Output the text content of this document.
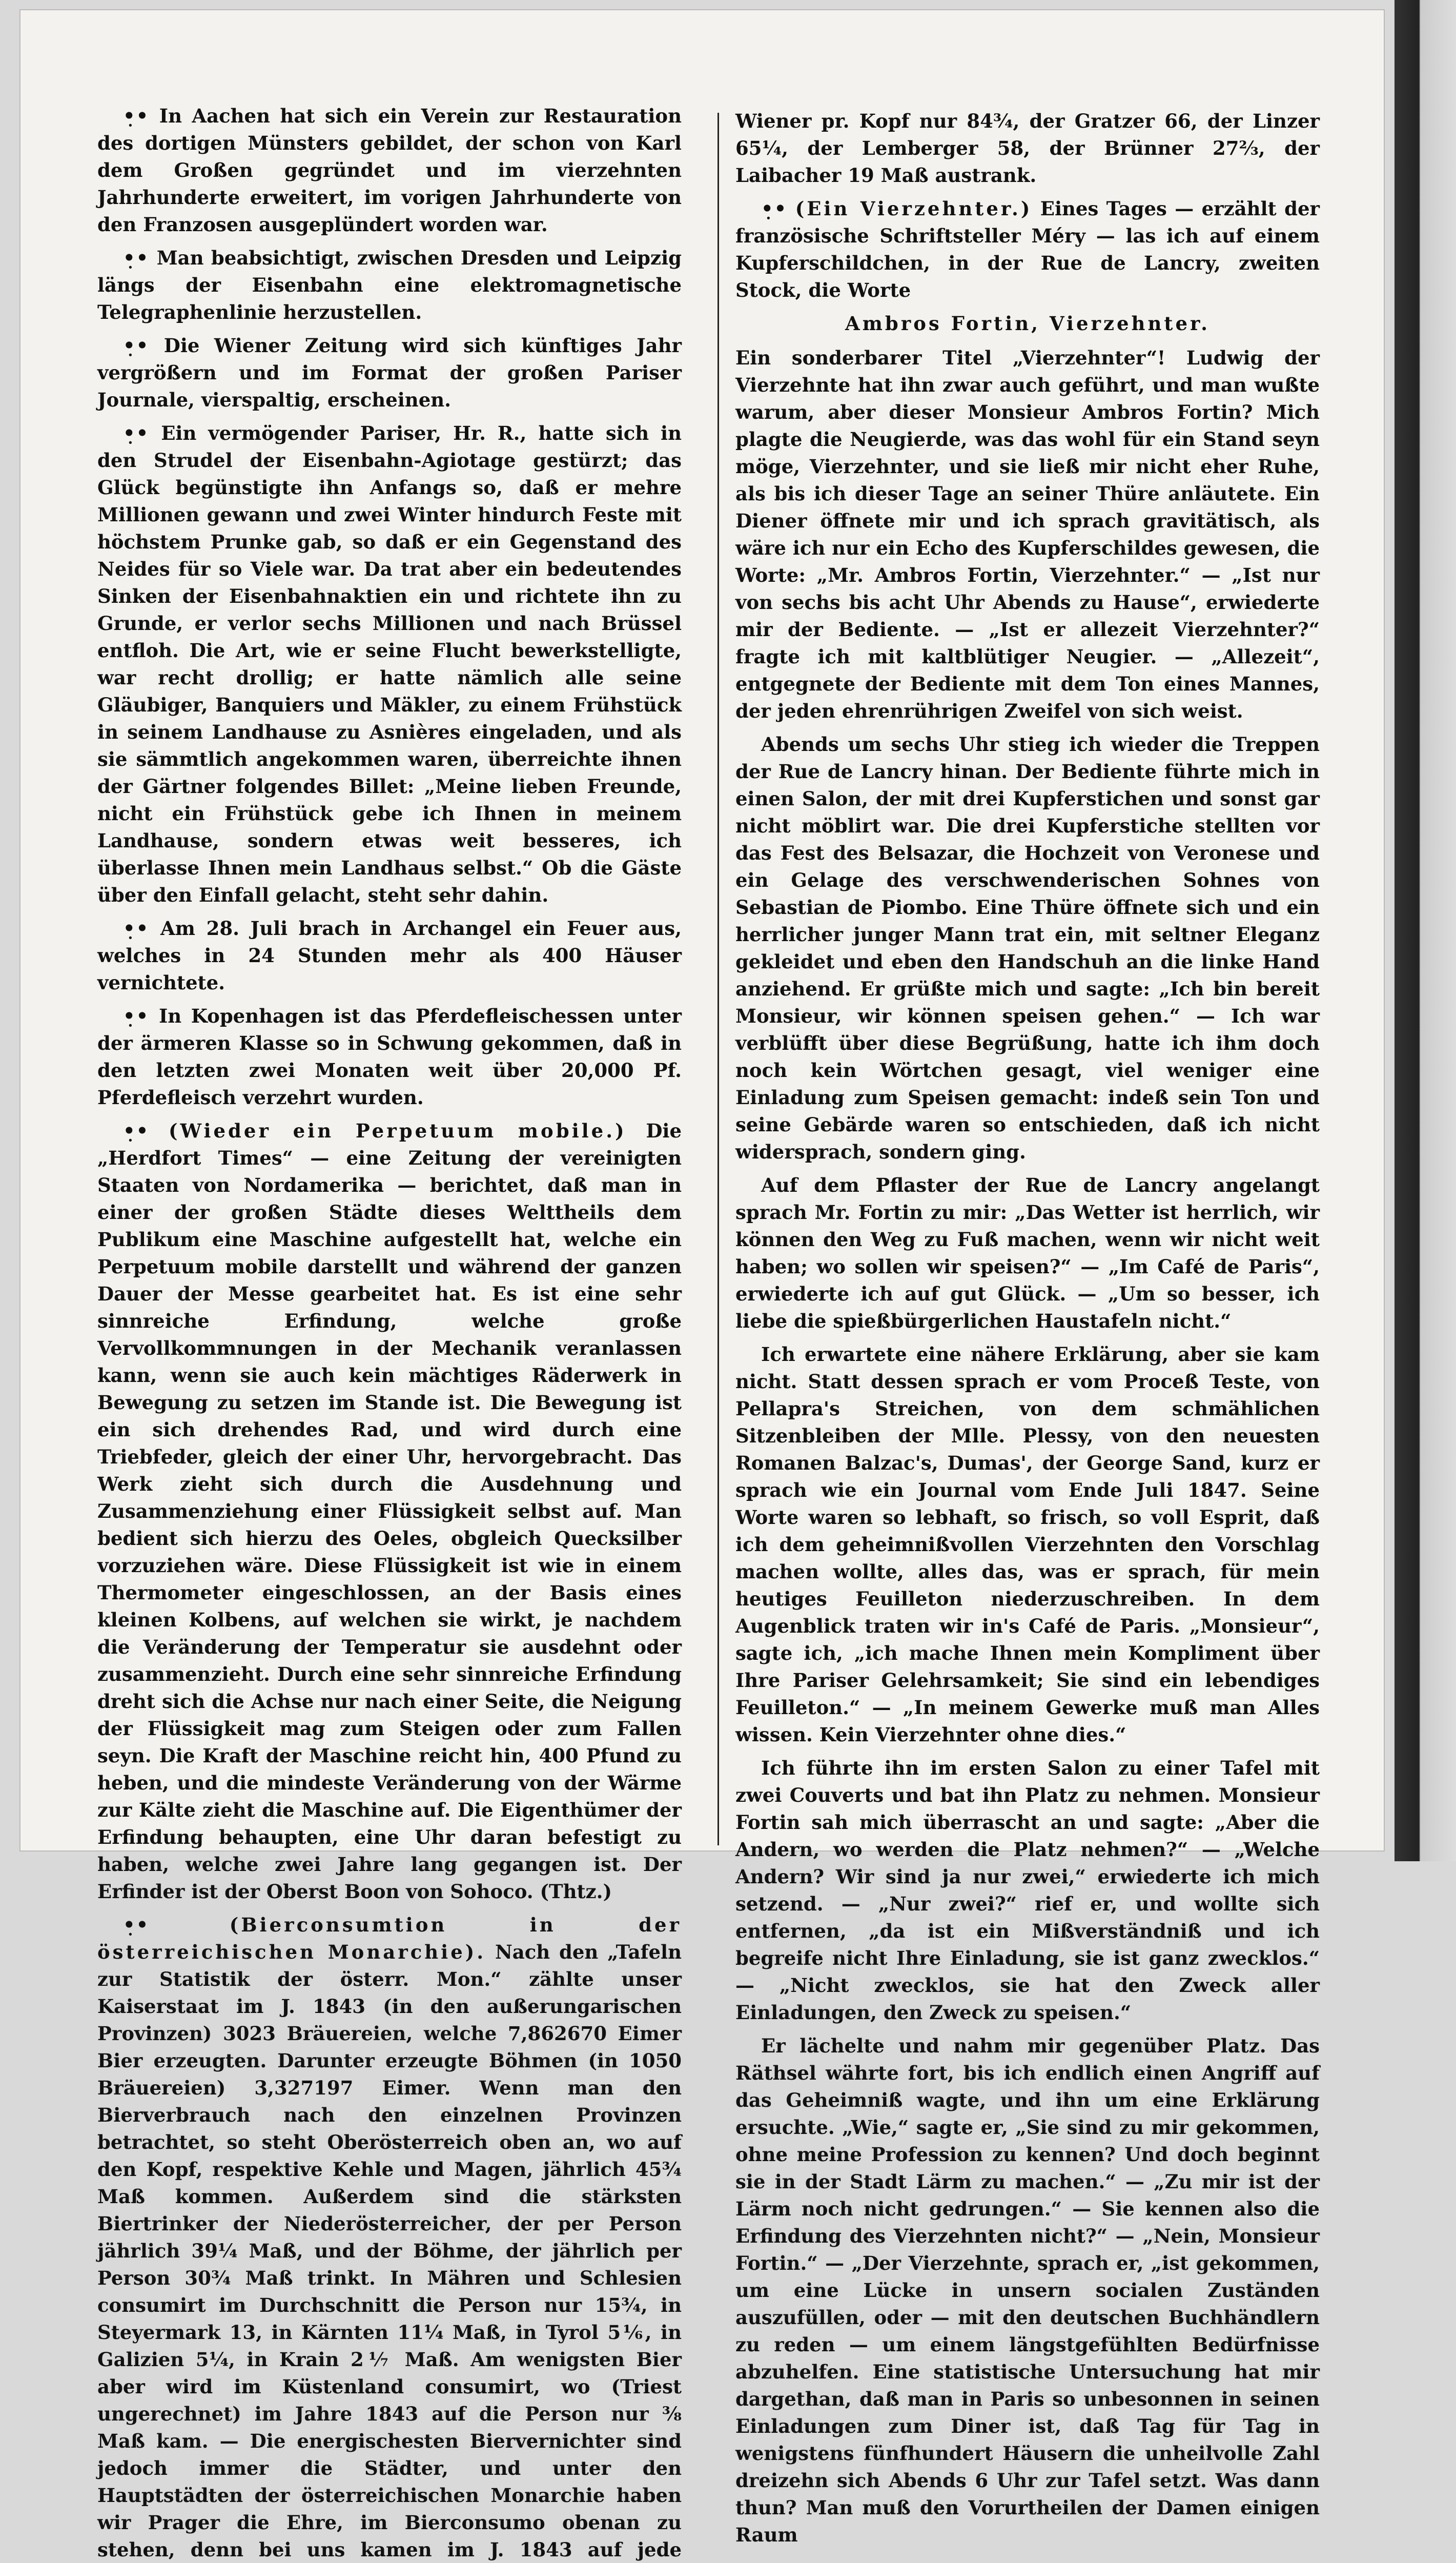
•̣• In Aachen hat sich ein Verein zur Restauration des dortigen Münsters gebildet, der schon von Karl dem Großen gegründet und im vierzehnten Jahrhunderte erweitert, im vorigen Jahrhunderte von den Franzosen ausgeplündert worden war.

•̣• Man beabsichtigt, zwischen Dresden und Leipzig längs der Eisenbahn eine elektromagnetische Telegraphenlinie herzustellen.

•̣• Die Wiener Zeitung wird sich künftiges Jahr vergrößern und im Format der großen Pariser Journale, vierspaltig, erscheinen.

•̣• Ein vermögender Pariser, Hr. R., hatte sich in den Strudel der Eisenbahn-Agiotage gestürzt; das Glück begünstigte ihn Anfangs so, daß er mehre Millionen gewann und zwei Winter hindurch Feste mit höchstem Prunke gab, so daß er ein Gegenstand des Neides für so Viele war. Da trat aber ein bedeutendes Sinken der Eisenbahnaktien ein und richtete ihn zu Grunde, er verlor sechs Millionen und nach Brüssel entfloh. Die Art, wie er seine Flucht bewerkstelligte, war recht drollig; er hatte nämlich alle seine Gläubiger, Banquiers und Mäkler, zu einem Frühstück in seinem Landhause zu Asnières eingeladen, und als sie sämmtlich angekommen waren, überreichte ihnen der Gärtner folgendes Billet: „Meine lieben Freunde, nicht ein Frühstück gebe ich Ihnen in meinem Landhause, sondern etwas weit besseres, ich überlasse Ihnen mein Landhaus selbst.“ Ob die Gäste über den Einfall gelacht, steht sehr dahin.

•̣• Am 28. Juli brach in Archangel ein Feuer aus, welches in 24 Stunden mehr als 400 Häuser vernichtete.

•̣• In Kopenhagen ist das Pferdefleischessen unter der ärmeren Klasse so in Schwung gekommen, daß in den letzten zwei Monaten weit über 20,000 Pf. Pferdefleisch verzehrt wurden.

•̣• (Wieder ein Perpetuum mobile.) Die „Herdfort Times“ — eine Zeitung der vereinigten Staaten von Nordamerika — berichtet, daß man in einer der großen Städte dieses Welttheils dem Publikum eine Maschine aufgestellt hat, welche ein Perpetuum mobile darstellt und während der ganzen Dauer der Messe gearbeitet hat. Es ist eine sehr sinnreiche Erfindung, welche große Vervollkommnungen in der Mechanik veranlassen kann, wenn sie auch kein mächtiges Räderwerk in Bewegung zu setzen im Stande ist. Die Bewegung ist ein sich drehendes Rad, und wird durch eine Triebfeder, gleich der einer Uhr, hervorgebracht. Das Werk zieht sich durch die Ausdehnung und Zusammenziehung einer Flüssigkeit selbst auf. Man bedient sich hierzu des Oeles, obgleich Quecksilber vorzuziehen wäre. Diese Flüssigkeit ist wie in einem Thermometer eingeschlossen, an der Basis eines kleinen Kolbens, auf welchen sie wirkt, je nachdem die Veränderung der Temperatur sie ausdehnt oder zusammenzieht. Durch eine sehr sinnreiche Erfindung dreht sich die Achse nur nach einer Seite, die Neigung der Flüssigkeit mag zum Steigen oder zum Fallen seyn. Die Kraft der Maschine reicht hin, 400 Pfund zu heben, und die mindeste Veränderung von der Wärme zur Kälte zieht die Maschine auf. Die Eigenthümer der Erfindung behaupten, eine Uhr daran befestigt zu haben, welche zwei Jahre lang gegangen ist. Der Erfinder ist der Oberst Boon von Sohoco. (Thtz.)

•̣•	(Bierconsumtion in der österreichischen Monarchie). Nach den „Tafeln zur Statistik der österr. Mon.“ zählte unser Kaiserstaat im J. 1843 (in den außerungarischen Provinzen) 3023 Bräuereien, welche 7,862670 Eimer Bier erzeugten. Darunter erzeugte Böhmen (in 1050 Bräuereien) 3,327197 Eimer. Wenn man den Bierverbrauch nach den einzelnen Provinzen betrachtet, so steht Oberösterreich oben an, wo auf den Kopf, respektive Kehle und Magen, jährlich 45¾ Maß kommen. Außerdem sind die stärksten Biertrinker der Niederösterreicher, der per Person jährlich 39¼ Maß, und der Böhme, der jährlich per Person 30¾ Maß trinkt. In Mähren und Schlesien consumirt im Durchschnitt die Person nur 15¾, in Steyermark 13, in Kärnten 11¼ Maß, in Tyrol 5⅙, in Galizien 5¼, in Krain 2⅐ Maß. Am wenigsten Bier aber wird im Küstenland consumirt, wo (Triest ungerechnet) im Jahre 1843 auf die Person nur ⅜ Maß kam. — Die energischesten Biervernichter sind jedoch immer die Städter, und unter den Hauptstädten der österreichischen Monarchie haben wir Prager die Ehre, im Bierconsumo obenan zu stehen, denn bei uns kamen im J. 1843 auf jede

Wiener pr. Kopf nur 84¾, der Gratzer 66, der Linzer 65¼, der Lemberger 58, der Brünner 27⅔, der Laibacher 19 Maß austrank.

•̣• (Ein Vierzehnter.) Eines Tages — erzählt der französische Schriftsteller Méry — las ich auf einem Kupferschildchen, in der Rue de Lancry, zweiten Stock, die Worte

Ambros Fortin, Vierzehnter.

Ein sonderbarer Titel „Vierzehnter“! Ludwig der Vierzehnte hat ihn zwar auch geführt, und man wußte warum, aber dieser Monsieur Ambros Fortin? Mich plagte die Neugierde, was das wohl für ein Stand seyn möge, Vierzehnter, und sie ließ mir nicht eher Ruhe, als bis ich dieser Tage an seiner Thüre anläutete. Ein Diener öffnete mir und ich sprach gravitätisch, als wäre ich nur ein Echo des Kupferschildes gewesen, die Worte: „Mr. Ambros Fortin, Vierzehnter.“ — „Ist nur von sechs bis acht Uhr Abends zu Hause“, erwiederte mir der Bediente. — „Ist er allezeit Vierzehnter?“ fragte ich mit kaltblütiger Neugier. — „Allezeit“, entgegnete der Bediente mit dem Ton eines Mannes, der jeden ehrenrührigen Zweifel von sich weist.

Abends um sechs Uhr stieg ich wieder die Treppen der Rue de Lancry hinan. Der Bediente führte mich in einen Salon, der mit drei Kupferstichen und sonst gar nicht möblirt war. Die drei Kupferstiche stellten vor das Fest des Belsazar, die Hochzeit von Veronese und ein Gelage des verschwenderischen Sohnes von Sebastian de Piombo. Eine Thüre öffnete sich und ein herrlicher junger Mann trat ein, mit seltner Eleganz gekleidet und eben den Handschuh an die linke Hand anziehend. Er grüßte mich und sagte: „Ich bin bereit Monsieur, wir können speisen gehen.“ — Ich war verblüfft über diese Begrüßung, hatte ich ihm doch noch kein Wörtchen gesagt, viel weniger eine Einladung zum Speisen gemacht: indeß sein Ton und seine Gebärde waren so entschieden, daß ich nicht widersprach, sondern ging.

Auf dem Pflaster der Rue de Lancry angelangt sprach Mr. Fortin zu mir: „Das Wetter ist herrlich, wir können den Weg zu Fuß machen, wenn wir nicht weit haben; wo sollen wir speisen?“ — „Im Café de Paris“, erwiederte ich auf gut Glück. — „Um so besser, ich liebe die spießbürgerlichen Haustafeln nicht.“

Ich erwartete eine nähere Erklärung, aber sie kam nicht. Statt dessen sprach er vom Proceß Teste, von Pellapra's Streichen, von dem schmählichen Sitzenbleiben der Mlle. Plessy, von den neuesten Romanen Balzac's, Dumas', der George Sand, kurz er sprach wie ein Journal vom Ende Juli 1847. Seine Worte waren so lebhaft, so frisch, so voll Esprit, daß ich dem geheimnißvollen Vierzehnten den Vorschlag machen wollte, alles das, was er sprach, für mein heutiges Feuilleton niederzuschreiben. In dem Augenblick traten wir in's Café de Paris. „Monsieur“, sagte ich, „ich mache Ihnen mein Kompliment über Ihre Pariser Gelehrsamkeit; Sie sind ein lebendiges Feuilleton.“ — „In meinem Gewerke muß man Alles wissen. Kein Vierzehnter ohne dies.“

Ich führte ihn im ersten Salon zu einer Tafel mit zwei Couverts und bat ihn Platz zu nehmen. Monsieur Fortin sah mich überrascht an und sagte: „Aber die Andern, wo werden die Platz nehmen?“ — „Welche Andern? Wir sind ja nur zwei,“ erwiederte ich mich setzend. — „Nur zwei?“ rief er, und wollte sich entfernen, „da ist ein Mißverständniß und ich begreife nicht Ihre Einladung, sie ist ganz zwecklos.“ — „Nicht zwecklos, sie hat den Zweck aller Einladungen, den Zweck zu speisen.“

Er lächelte und nahm mir gegenüber Platz. Das Räthsel währte fort, bis ich endlich einen Angriff auf das Geheimniß wagte, und ihn um eine Erklärung ersuchte. „Wie,“ sagte er, „Sie sind zu mir gekommen, ohne meine Profession zu kennen? Und doch beginnt sie in der Stadt Lärm zu machen.“ — „Zu mir ist der Lärm noch nicht gedrungen.“ — Sie kennen also die Erfindung des Vierzehnten nicht?“ — „Nein, Monsieur Fortin.“ — „Der Vierzehnte, sprach er, „ist gekommen, um eine Lücke in unsern socialen Zuständen auszufüllen, oder — mit den deutschen Buchhändlern zu reden — um einem längstgefühlten Bedürfnisse abzuhelfen. Eine statistische Untersuchung hat mir dargethan, daß man in Paris so unbesonnen in seinen Einladungen zum Diner ist, daß Tag für Tag in wenigstens fünfhundert Häusern die unheilvolle Zahl dreizehn sich Abends 6 Uhr zur Tafel setzt. Was dann thun? Man muß den Vorurtheilen der Damen einigen Raum
